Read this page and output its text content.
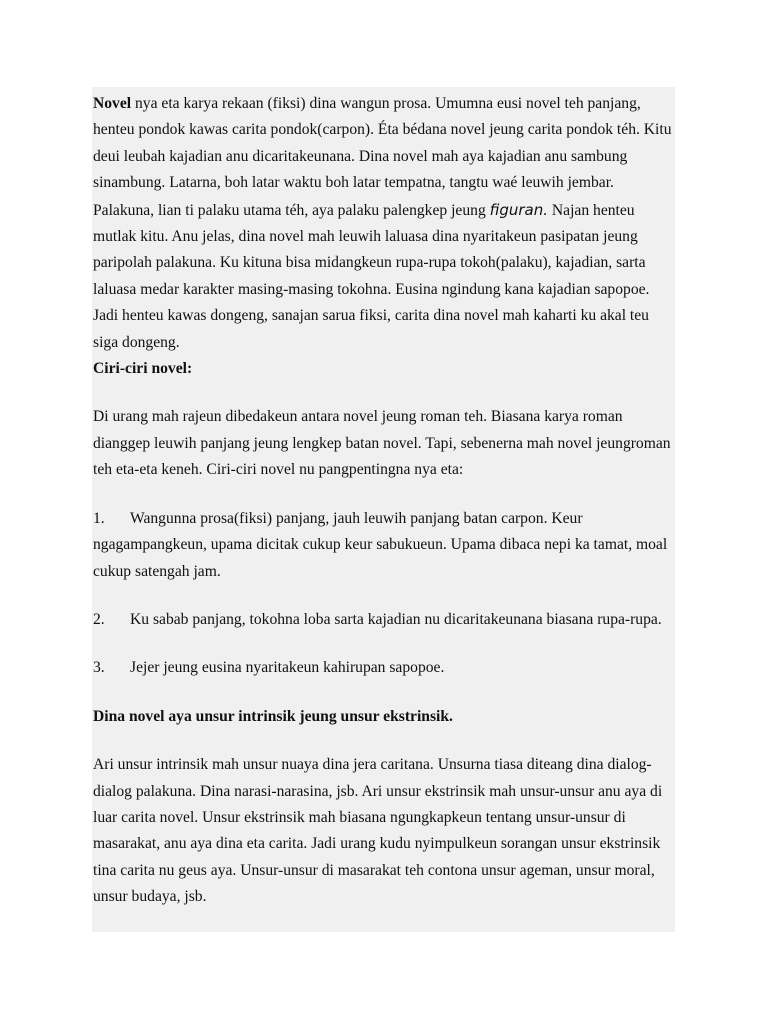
Novel nya eta karya rekaan (fiksi) dina wangun prosa. Umumna eusi novel teh panjang, henteu pondok kawas carita pondok(carpon). Éta bédana novel jeung carita pondok téh. Kitu deui leubah kajadian anu dicaritakeunana. Dina novel mah aya kajadian anu sambung sinambung. Latarna, boh latar waktu boh latar tempatna, tangtu waé leuwih jembar. Palakuna, lian ti palaku utama téh, aya palaku palengkep jeung figuran. Najan henteu mutlak kitu. Anu jelas, dina novel mah leuwih laluasa dina nyaritakeun pasipatan jeung paripolah palakuna. Ku kituna bisa midangkeun rupa-rupa tokoh(palaku), kajadian, sarta laluasa medar karakter masing-masing tokohna. Eusina ngindung kana kajadian sapopoe. Jadi henteu kawas dongeng, sanajan sarua fiksi, carita dina novel mah kaharti ku akal teu siga dongeng.

Ciri-ciri novel:

Di urang mah rajeun dibedakeun antara novel jeung roman teh. Biasana karya roman dianggep leuwih panjang jeung lengkep batan novel. Tapi, sebenerna mah novel jeungroman teh eta-eta keneh. Ciri-ciri novel nu pangpentingna nya eta:

1. Wangunna prosa(fiksi) panjang, jauh leuwih panjang batan carpon. Keur ngagampangkeun, upama dicitak cukup keur sabukueun. Upama dibaca nepi ka tamat, moal cukup satengah jam.

2. Ku sabab panjang, tokohna loba sarta kajadian nu dicaritakeunana biasana rupa-rupa.

3. Jejer jeung eusina nyaritakeun kahirupan sapopoe.

Dina novel aya unsur intrinsik jeung unsur ekstrinsik.

Ari unsur intrinsik mah unsur nuaya dina jera caritana. Unsurna tiasa diteang dina dialog-dialog palakuna. Dina narasi-narasina, jsb. Ari unsur ekstrinsik mah unsur-unsur anu aya di luar carita novel. Unsur ekstrinsik mah biasana ngungkapkeun tentang unsur-unsur di masarakat, anu aya dina eta carita. Jadi urang kudu nyimpulkeun sorangan unsur ekstrinsik tina carita nu geus aya. Unsur-unsur di masarakat teh contona unsur ageman, unsur moral, unsur budaya, jsb.
